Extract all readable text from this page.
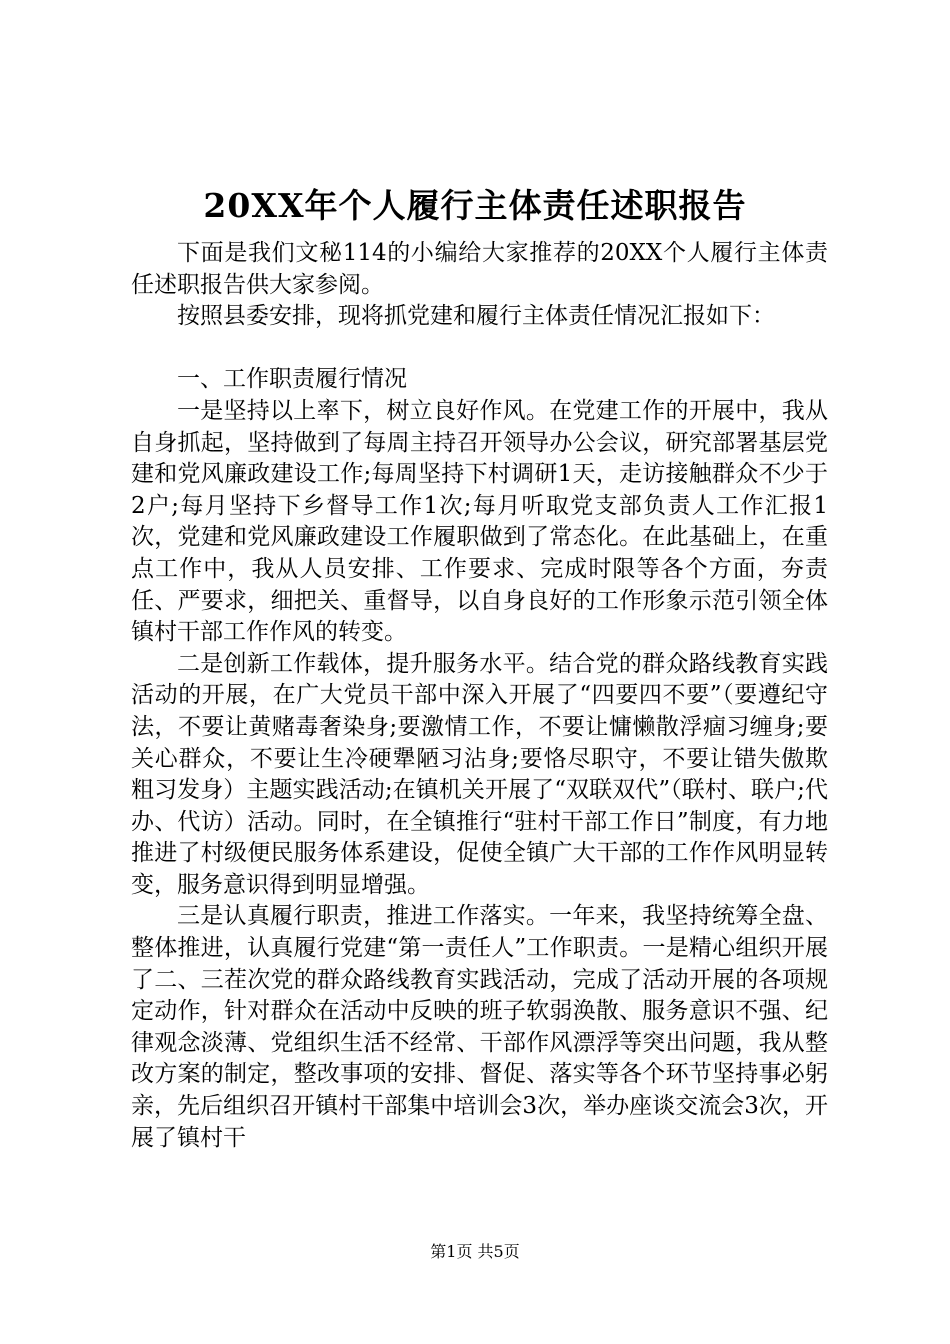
20XX年个人履行主体责任述职报告

下面是我们文秘114的小编给大家推荐的20XX个人履行主体责任述职报告供大家参阅。

按照县委安排，现将抓党建和履行主体责任情况汇报如下：

一、工作职责履行情况

一是坚持以上率下，树立良好作风。在党建工作的开展中，我从自身抓起，坚持做到了每周主持召开领导办公会议，研究部署基层党建和党风廉政建设工作;每周坚持下村调研1天，走访接触群众不少于2户;每月坚持下乡督导工作1次;每月听取党支部负责人工作汇报1次，党建和党风廉政建设工作履职做到了常态化。在此基础上，在重点工作中，我从人员安排、工作要求、完成时限等各个方面，夯责任、严要求，细把关、重督导，以自身良好的工作形象示范引领全体镇村干部工作作风的转变。

二是创新工作载体，提升服务水平。结合党的群众路线教育实践活动的开展，在广大党员干部中深入开展了“四要四不要”（要遵纪守法，不要让黄赌毒奢染身;要激情工作，不要让慵懒散浮痼习缠身;要关心群众，不要让生冷硬犟陋习沾身;要恪尽职守，不要让错失傲欺粗习发身）主题实践活动;在镇机关开展了“双联双代”（联村、联户;代办、代访）活动。同时，在全镇推行“驻村干部工作日”制度，有力地推进了村级便民服务体系建设，促使全镇广大干部的工作作风明显转变，服务意识得到明显增强。

三是认真履行职责，推进工作落实。一年来，我坚持统筹全盘、整体推进，认真履行党建“第一责任人”工作职责。一是精心组织开展了二、三茬次党的群众路线教育实践活动，完成了活动开展的各项规定动作，针对群众在活动中反映的班子软弱涣散、服务意识不强、纪律观念淡薄、党组织生活不经常、干部作风漂浮等突出问题，我从整改方案的制定，整改事项的安排、督促、落实等各个环节坚持事必躬亲，先后组织召开镇村干部集中培训会3次，举办座谈交流会3次，开展了镇村干

第1页 共5页
